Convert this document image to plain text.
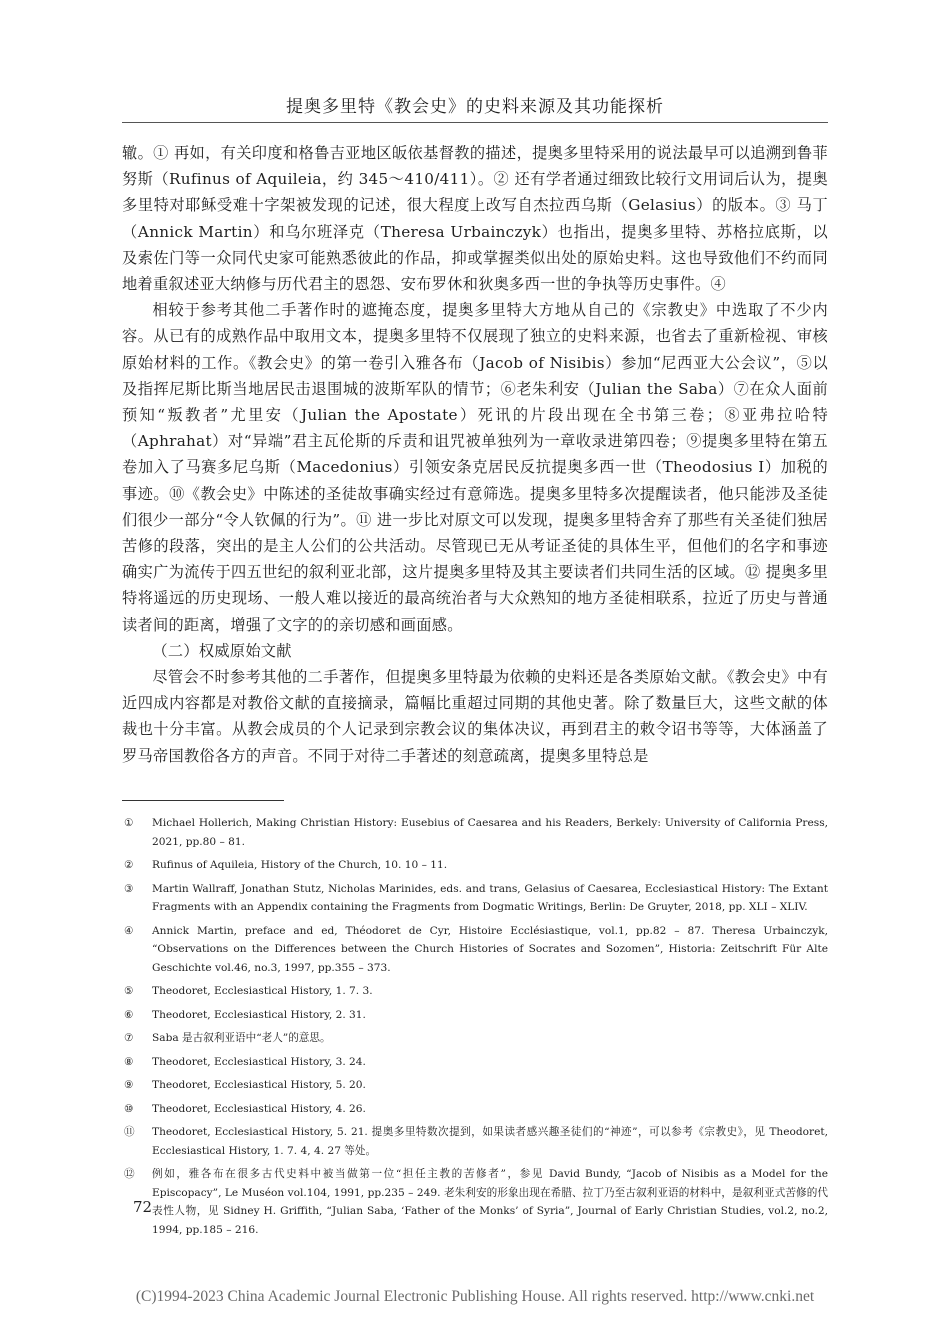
提奥多里特《教会史》的史料来源及其功能探析

辙。① 再如，有关印度和格鲁吉亚地区皈依基督教的描述，提奥多里特采用的说法最早可以追溯到鲁菲努斯（Rufinus of Aquileia，约 345～410/411）。② 还有学者通过细致比较行文用词后认为，提奥多里特对耶稣受难十字架被发现的记述，很大程度上改写自杰拉西乌斯（Gelasius）的版本。③ 马丁（Annick Martin）和乌尔班泽克（Theresa Urbainczyk）也指出，提奥多里特、苏格拉底斯，以及索佐门等一众同代史家可能熟悉彼此的作品，抑或掌握类似出处的原始史料。这也导致他们不约而同地着重叙述亚大纳修与历代君主的恩怨、安布罗休和狄奥多西一世的争执等历史事件。④

相较于参考其他二手著作时的遮掩态度，提奥多里特大方地从自己的《宗教史》中选取了不少内容。从已有的成熟作品中取用文本，提奥多里特不仅展现了独立的史料来源，也省去了重新检视、审核原始材料的工作。《教会史》的第一卷引入雅各布（Jacob of Nisibis）参加“尼西亚大公会议”，⑤以及指挥尼斯比斯当地居民击退围城的波斯军队的情节；⑥老朱利安（Julian the Saba）⑦在众人面前预知“叛教者”尤里安（Julian the Apostate）死讯的片段出现在全书第三卷；⑧亚弗拉哈特（Aphrahat）对“异端”君主瓦伦斯的斥责和诅咒被单独列为一章收录进第四卷；⑨提奥多里特在第五卷加入了马赛多尼乌斯（Macedonius）引领安条克居民反抗提奥多西一世（Theodosius I）加税的事迹。⑩《教会史》中陈述的圣徒故事确实经过有意筛选。提奥多里特多次提醒读者，他只能涉及圣徒们很少一部分“令人钦佩的行为”。⑪ 进一步比对原文可以发现，提奥多里特舍弃了那些有关圣徒们独居苦修的段落，突出的是主人公们的公共活动。尽管现已无从考证圣徒的具体生平，但他们的名字和事迹确实广为流传于四五世纪的叙利亚北部，这片提奥多里特及其主要读者们共同生活的区域。⑫ 提奥多里特将遥远的历史现场、一般人难以接近的最高统治者与大众熟知的地方圣徒相联系，拉近了历史与普通读者间的距离，增强了文字的的亲切感和画面感。

（二）权威原始文献

尽管会不时参考其他的二手著作，但提奥多里特最为依赖的史料还是各类原始文献。《教会史》中有近四成内容都是对教俗文献的直接摘录，篇幅比重超过同期的其他史著。除了数量巨大，这些文献的体裁也十分丰富。从教会成员的个人记录到宗教会议的集体决议，再到君主的敕令诏书等等，大体涵盖了罗马帝国教俗各方的声音。不同于对待二手著述的刻意疏离，提奥多里特总是

①	Michael Hollerich, Making Christian History: Eusebius of Caesarea and his Readers, Berkely: University of California Press, 2021, pp.80 – 81.
②	Rufinus of Aquileia, History of the Church, 10. 10 – 11.
③	Martin Wallraff, Jonathan Stutz, Nicholas Marinides, eds. and trans, Gelasius of Caesarea, Ecclesiastical History: The Extant Fragments with an Appendix containing the Fragments from Dogmatic Writings, Berlin: De Gruyter, 2018, pp. XLI – XLIV.
④	Annick Martin, preface and ed, Théodoret de Cyr, Histoire Ecclésiastique, vol.1, pp.82 – 87. Theresa Urbainczyk, “Observations on the Differences between the Church Histories of Socrates and Sozomen”, Historia: Zeitschrift Für Alte Geschichte vol.46, no.3, 1997, pp.355 – 373.
⑤	Theodoret, Ecclesiastical History, 1. 7. 3.
⑥	Theodoret, Ecclesiastical History, 2. 31.
⑦	Saba 是古叙利亚语中“老人”的意思。
⑧	Theodoret, Ecclesiastical History, 3. 24.
⑨	Theodoret, Ecclesiastical History, 5. 20.
⑩	Theodoret, Ecclesiastical History, 4. 26.
⑪	Theodoret, Ecclesiastical History, 5. 21. 提奥多里特数次提到，如果读者感兴趣圣徒们的“神迹”，可以参考《宗教史》，见 Theodoret, Ecclesiastical History, 1. 7. 4, 4. 27 等处。
⑫	例如，雅各布在很多古代史料中被当做第一位“担任主教的苦修者”，参见 David Bundy, “Jacob of Nisibis as a Model for the Episcopacy”, Le Muséon vol.104, 1991, pp.235 – 249. 老朱利安的形象出现在希腊、拉丁乃至古叙利亚语的材料中，是叙利亚式苦修的代表性人物，见 Sidney H. Griffith, “Julian Saba, ‘Father of the Monks’ of Syria”, Journal of Early Christian Studies, vol.2, no.2, 1994, pp.185 – 216.
72
(C)1994-2023 China Academic Journal Electronic Publishing House. All rights reserved. http://www.cnki.net
